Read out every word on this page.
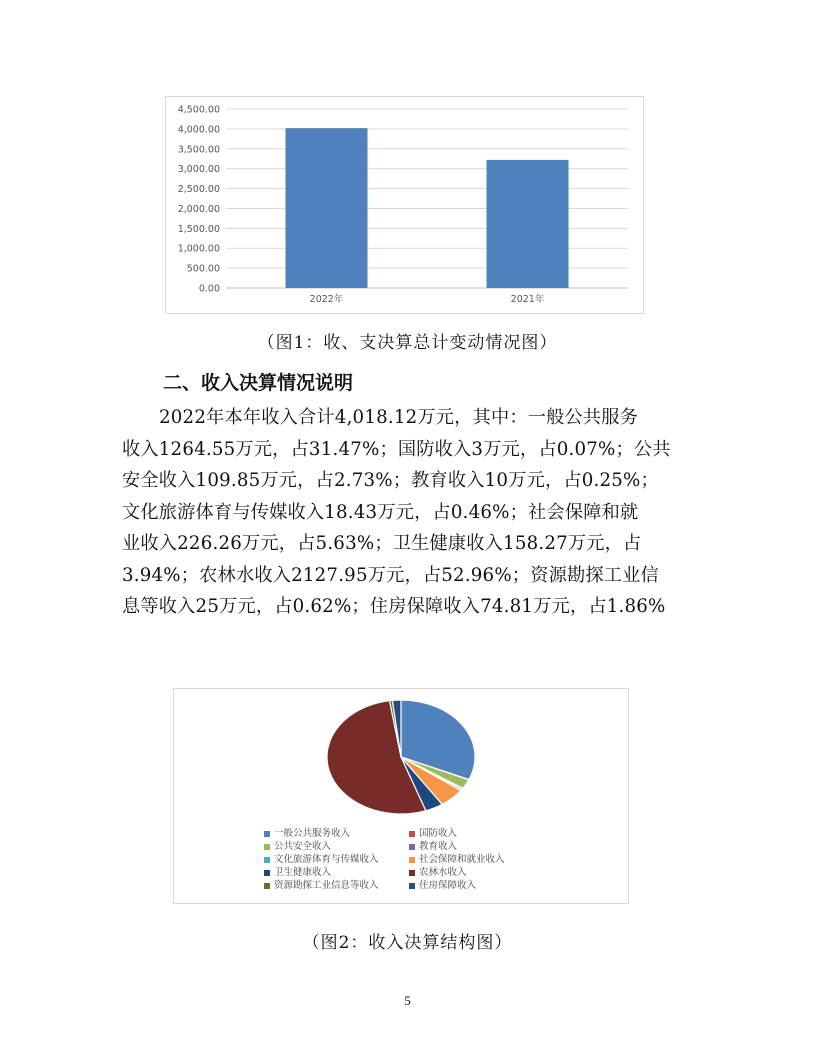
0.00
500.00
1,000.00
1,500.00
2,000.00
2,500.00
3,000.00
3,500.00
4,000.00
4,500.00
2022年	2021年
（图1：收、支决算总计变动情况图）
二、收入决算情况说明
2022年本年收入合计4,018.12万元，其中：一般公共服务
收入1264.55万元，占31.47%；国防收入3万元，占0.07%；公共
安全收入109.85万元，占2.73%；教育收入10万元，占0.25%；
文化旅游体育与传媒收入18.43万元，占0.46%；社会保障和就
业收入226.26万元，占5.63%；卫生健康收入158.27万元，占
3.94%；农林水收入2127.95万元，占52.96%；资源勘探工业信
息等收入25万元，占0.62%；住房保障收入74.81万元，占1.86%
一般公共服务收入	国防收入
公共安全收入	教育收入
文化旅游体育与传媒收入	社会保障和就业收入
卫生健康收入	农林水收入
资源勘探工业信息等收入	住房保障收入
（图2：收入决算结构图）
5
